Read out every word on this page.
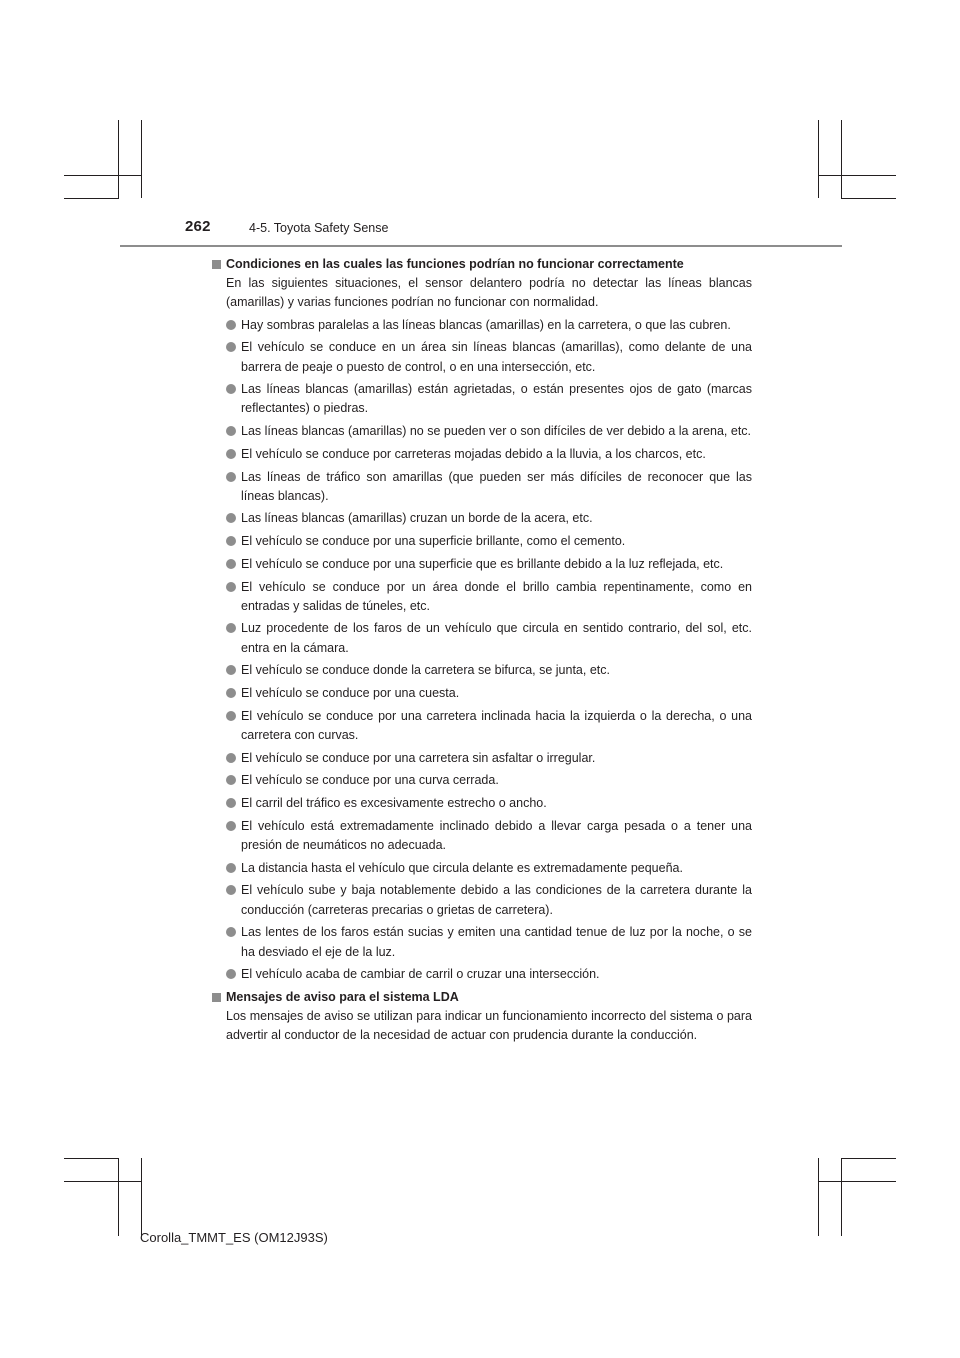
262	4-5. Toyota Safety Sense
Condiciones en las cuales las funciones podrían no funcionar correctamente
En las siguientes situaciones, el sensor delantero podría no detectar las líneas blancas (amarillas) y varias funciones podrían no funcionar con normalidad.
Hay sombras paralelas a las líneas blancas (amarillas) en la carretera, o que las cubren.
El vehículo se conduce en un área sin líneas blancas (amarillas), como delante de una barrera de peaje o puesto de control, o en una intersección, etc.
Las líneas blancas (amarillas) están agrietadas, o están presentes ojos de gato (marcas reflectantes) o piedras.
Las líneas blancas (amarillas) no se pueden ver o son difíciles de ver debido a la arena, etc.
El vehículo se conduce por carreteras mojadas debido a la lluvia, a los charcos, etc.
Las líneas de tráfico son amarillas (que pueden ser más difíciles de reconocer que las líneas blancas).
Las líneas blancas (amarillas) cruzan un borde de la acera, etc.
El vehículo se conduce por una superficie brillante, como el cemento.
El vehículo se conduce por una superficie que es brillante debido a la luz reflejada, etc.
El vehículo se conduce por un área donde el brillo cambia repentinamente, como en entradas y salidas de túneles, etc.
Luz procedente de los faros de un vehículo que circula en sentido contrario, del sol, etc. entra en la cámara.
El vehículo se conduce donde la carretera se bifurca, se junta, etc.
El vehículo se conduce por una cuesta.
El vehículo se conduce por una carretera inclinada hacia la izquierda o la derecha, o una carretera con curvas.
El vehículo se conduce por una carretera sin asfaltar o irregular.
El vehículo se conduce por una curva cerrada.
El carril del tráfico es excesivamente estrecho o ancho.
El vehículo está extremadamente inclinado debido a llevar carga pesada o a tener una presión de neumáticos no adecuada.
La distancia hasta el vehículo que circula delante es extremadamente pequeña.
El vehículo sube y baja notablemente debido a las condiciones de la carretera durante la conducción (carreteras precarias o grietas de carretera).
Las lentes de los faros están sucias y emiten una cantidad tenue de luz por la noche, o se ha desviado el eje de la luz.
El vehículo acaba de cambiar de carril o cruzar una intersección.
Mensajes de aviso para el sistema LDA
Los mensajes de aviso se utilizan para indicar un funcionamiento incorrecto del sistema o para advertir al conductor de la necesidad de actuar con prudencia durante la conducción.
Corolla_TMMT_ES (OM12J93S)
